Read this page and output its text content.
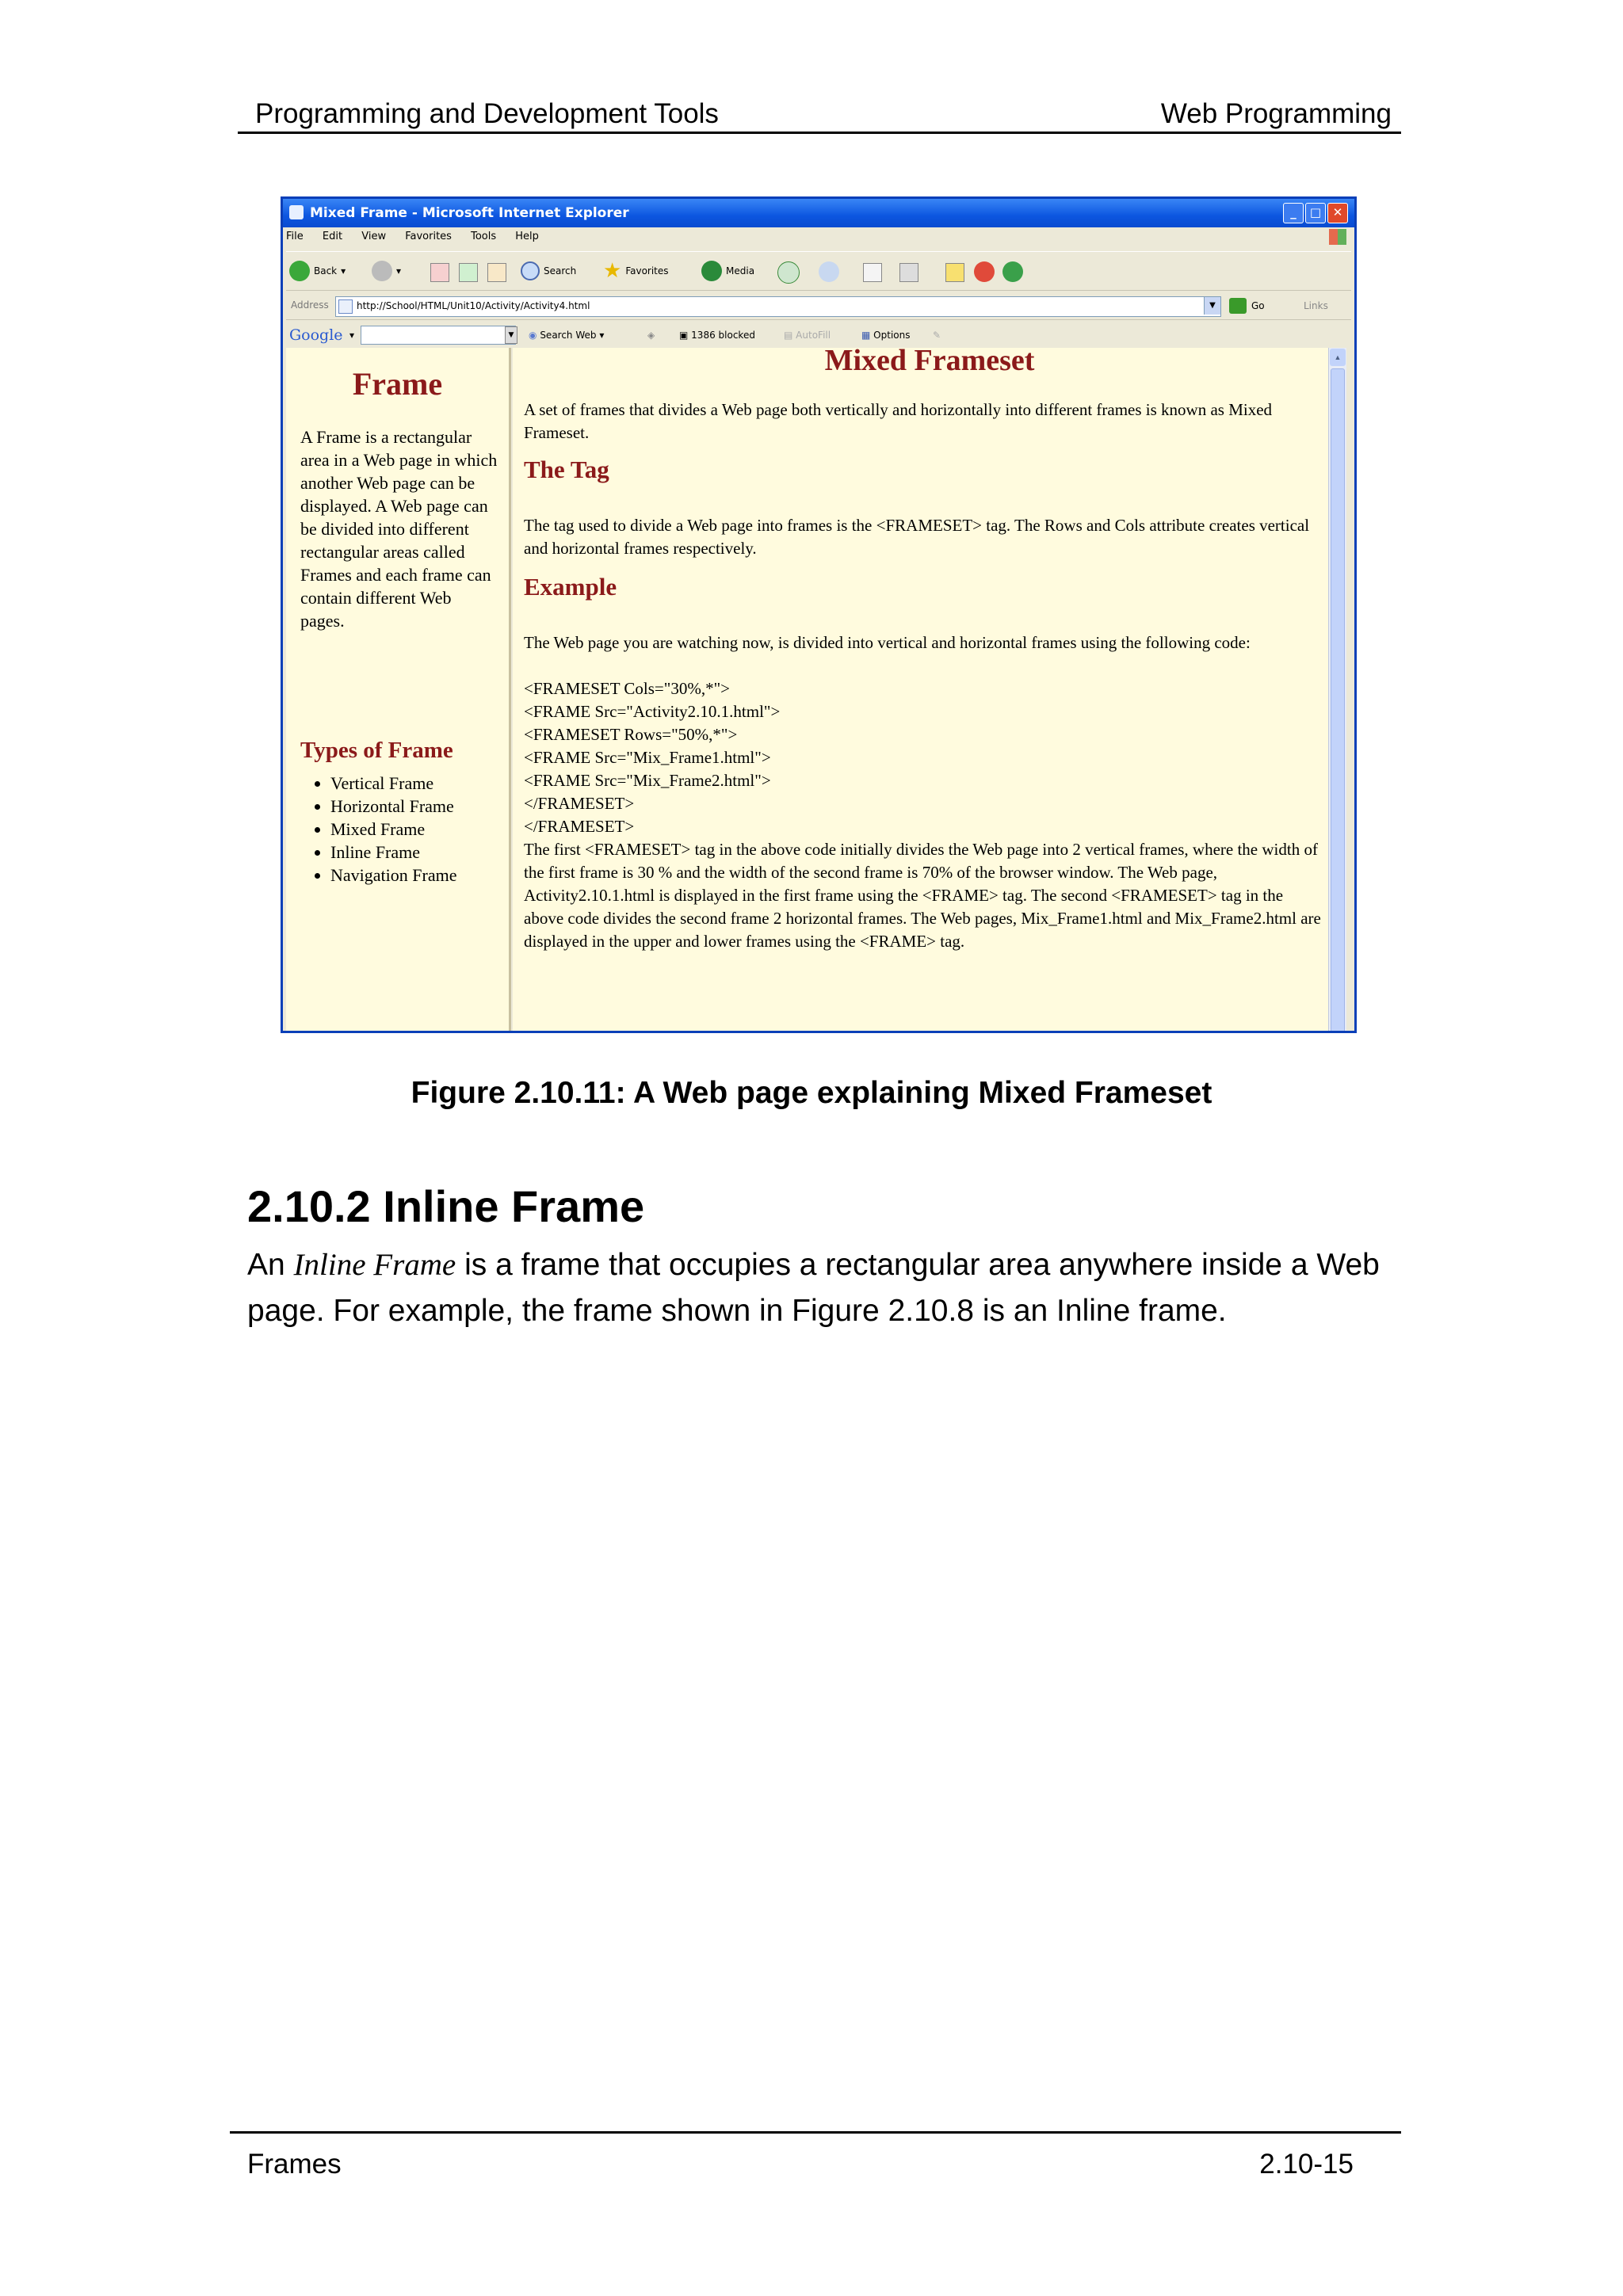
Programming and Development Tools	Web Programming
Mixed Frame - Microsoft Internet Explorer	_	□ ✕
File Edit View Favorites Tools Help
Back ▾	▾	Search ★ Favorites	Media
Address	http://School/HTML/Unit10/Activity/Activity4.html	▼	Go	Links
Google ▾	▼	◉ Search Web ▾	◈	▣ 1386 blocked	▤ AutoFill	▦ Options ✎
Frame
A Frame is a rectangular area in a Web page in which another Web page can be displayed. A Web page can be divided into different rectangular areas called Frames and each frame can contain different Web pages.
Types of Frame
• Vertical Frame
• Horizontal Frame
• Mixed Frame
• Inline Frame
• Navigation Frame
Mixed Frameset
A set of frames that divides a Web page both vertically and horizontally into different frames is known as Mixed Frameset.
The Tag
The tag used to divide a Web page into frames is the <FRAMESET> tag. The Rows and Cols attribute creates vertical and horizontal frames respectively.
Example
The Web page you are watching now, is divided into vertical and horizontal frames using the following code:
<FRAMESET Cols="30%,*">
<FRAME Src="Activity2.10.1.html">
<FRAMESET Rows="50%,*">
<FRAME Src="Mix_Frame1.html">
<FRAME Src="Mix_Frame2.html">
</FRAMESET>
</FRAMESET>
The first <FRAMESET> tag in the above code initially divides the Web page into 2 vertical frames, where the width of the first frame is 30 % and the width of the second frame is 70% of the browser window. The Web page, Activity2.10.1.html is displayed in the first frame using the <FRAME> tag. The second <FRAMESET> tag in the above code divides the second frame 2 horizontal frames. The Web pages, Mix_Frame1.html and Mix_Frame2.html are displayed in the upper and lower frames using the <FRAME> tag.
▲
Figure 2.10.11: A Web page explaining Mixed Frameset
2.10.2 Inline Frame
An Inline Frame is a frame that occupies a rectangular area anywhere inside a Web page. For example, the frame shown in Figure 2.10.8 is an Inline frame.
Frames	2.10-15
